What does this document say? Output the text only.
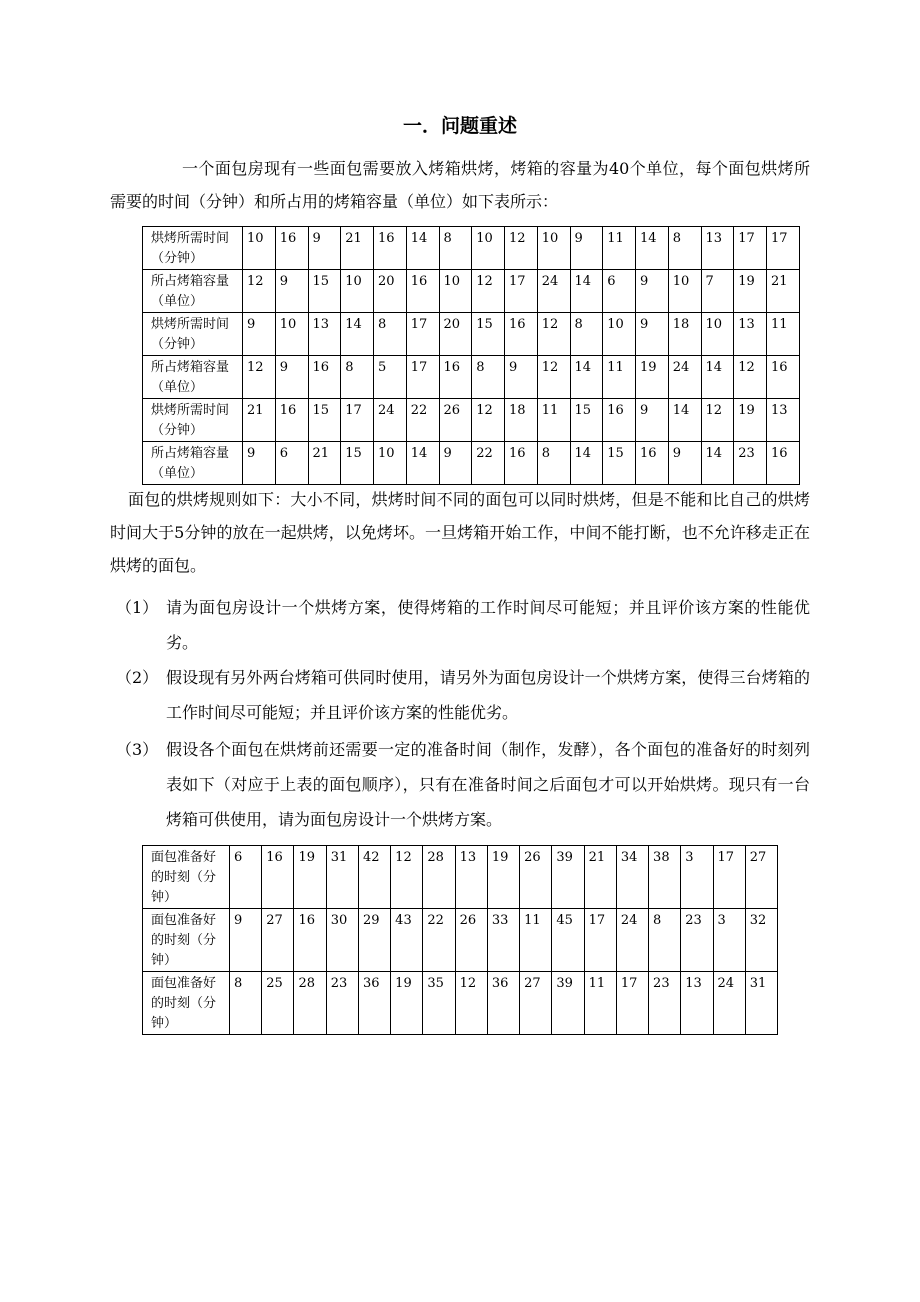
一．问题重述
一个面包房现有一些面包需要放入烤箱烘烤，烤箱的容量为40个单位，每个面包烘烤所需要的时间（分钟）和所占用的烤箱容量（单位）如下表所示：
烘烤所需时间（分钟）	10	16	9	21	16	14	8	10	12	10	9	11	14	8	13	17	17
所占烤箱容量（单位）	12	9	15	10	20	16	10	12	17	24	14	6	9	10	7	19	21
烘烤所需时间（分钟）	9	10	13	14	8	17	20	15	16	12	8	10	9	18	10	13	11
所占烤箱容量（单位）	12	9	16	8	5	17	16	8	9	12	14	11	19	24	14	12	16
烘烤所需时间（分钟）	21	16	15	17	24	22	26	12	18	11	15	16	9	14	12	19	13
所占烤箱容量（单位）	9	6	21	15	10	14	9	22	16	8	14	15	16	9	14	23	16
面包的烘烤规则如下：大小不同，烘烤时间不同的面包可以同时烘烤，但是不能和比自己的烘烤时间大于5分钟的放在一起烘烤，以免烤坏。一旦烤箱开始工作，中间不能打断，也不允许移走正在烘烤的面包。
（1） 请为面包房设计一个烘烤方案，使得烤箱的工作时间尽可能短；并且评价该方案的性能优劣。
（2） 假设现有另外两台烤箱可供同时使用，请另外为面包房设计一个烘烤方案，使得三台烤箱的工作时间尽可能短；并且评价该方案的性能优劣。
（3） 假设各个面包在烘烤前还需要一定的准备时间（制作，发酵），各个面包的准备好的时刻列表如下（对应于上表的面包顺序），只有在准备时间之后面包才可以开始烘烤。现只有一台烤箱可供使用，请为面包房设计一个烘烤方案。
面包准备好的时刻（分钟）	6	16	19	31	42	12	28	13	19	26	39	21	34	38	3	17	27
面包准备好的时刻（分钟）	9	27	16	30	29	43	22	26	33	11	45	17	24	8	23	3	32
面包准备好的时刻（分钟）	8	25	28	23	36	19	35	12	36	27	39	11	17	23	13	24	31
